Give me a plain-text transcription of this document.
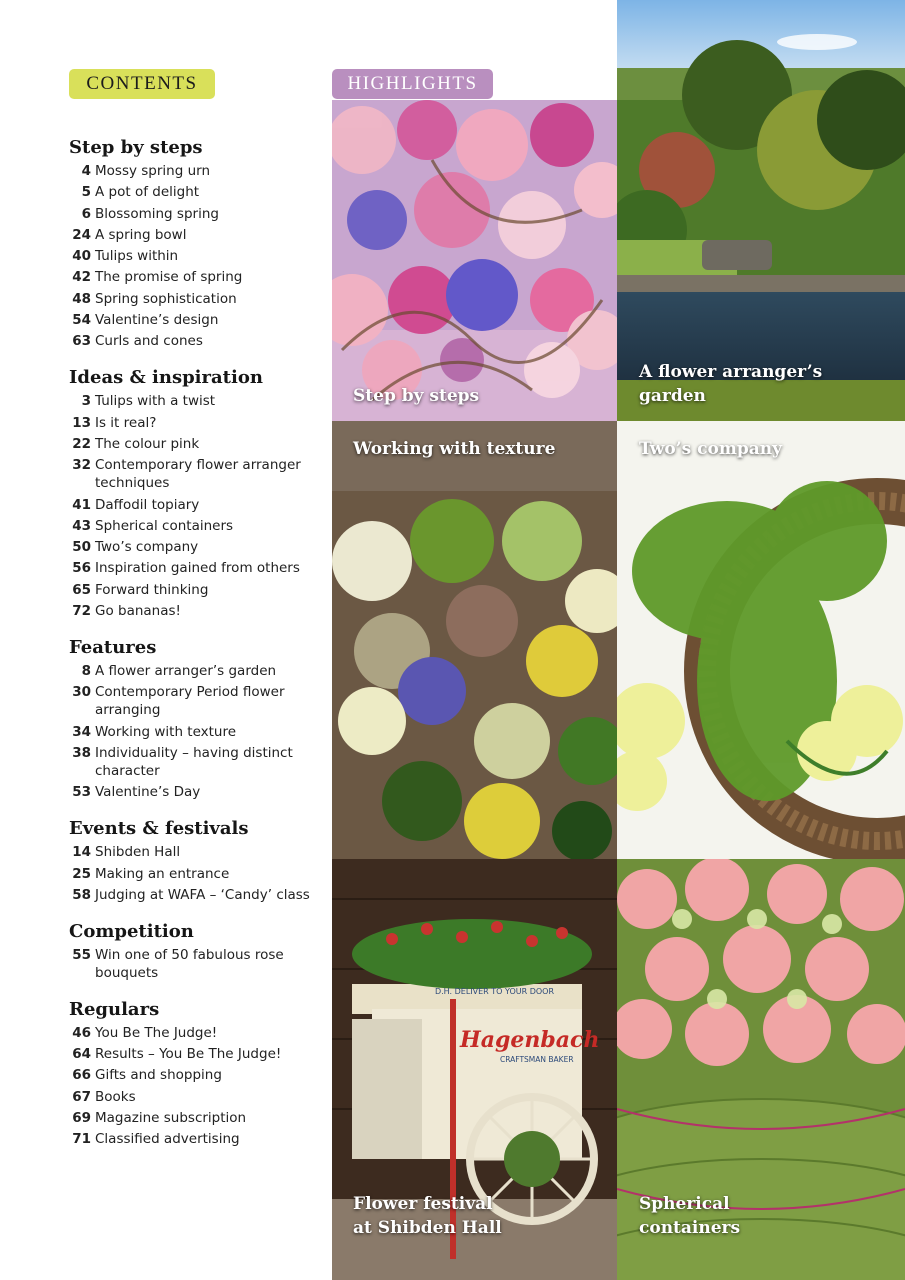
CONTENTS
Step by steps
4 Mossy spring urn
5 A pot of delight
6 Blossoming spring
24 A spring bowl
40 Tulips within
42 The promise of spring
48 Spring sophistication
54 Valentine’s design
63 Curls and cones
Ideas & inspiration
3 Tulips with a twist
13 Is it real?
22 The colour pink
32 Contemporary flower arranger techniques
41 Daffodil topiary
43 Spherical containers
50 Two’s company
56 Inspiration gained from others
65 Forward thinking
72 Go bananas!
Features
8 A flower arranger’s garden
30 Contemporary Period flower arranging
34 Working with texture
38 Individuality – having distinct character
53 Valentine’s Day
Events & festivals
14 Shibden Hall
25 Making an entrance
58 Judging at WAFA – ‘Candy’ class
Competition
55 Win one of 50 fabulous rose bouquets
Regulars
46 You Be The Judge!
64 Results – You Be The Judge!
66 Gifts and shopping
67 Books
69 Magazine subscription
71 Classified advertising
HIGHLIGHTS
Step by steps
A flower arranger’s
garden
Working with texture	Two’s company
D.H. DELIVER TO YOUR DOOR
Hagenbach
CRAFTSMAN BAKER
Flower festival
at Shibden Hall
Spherical
containers
